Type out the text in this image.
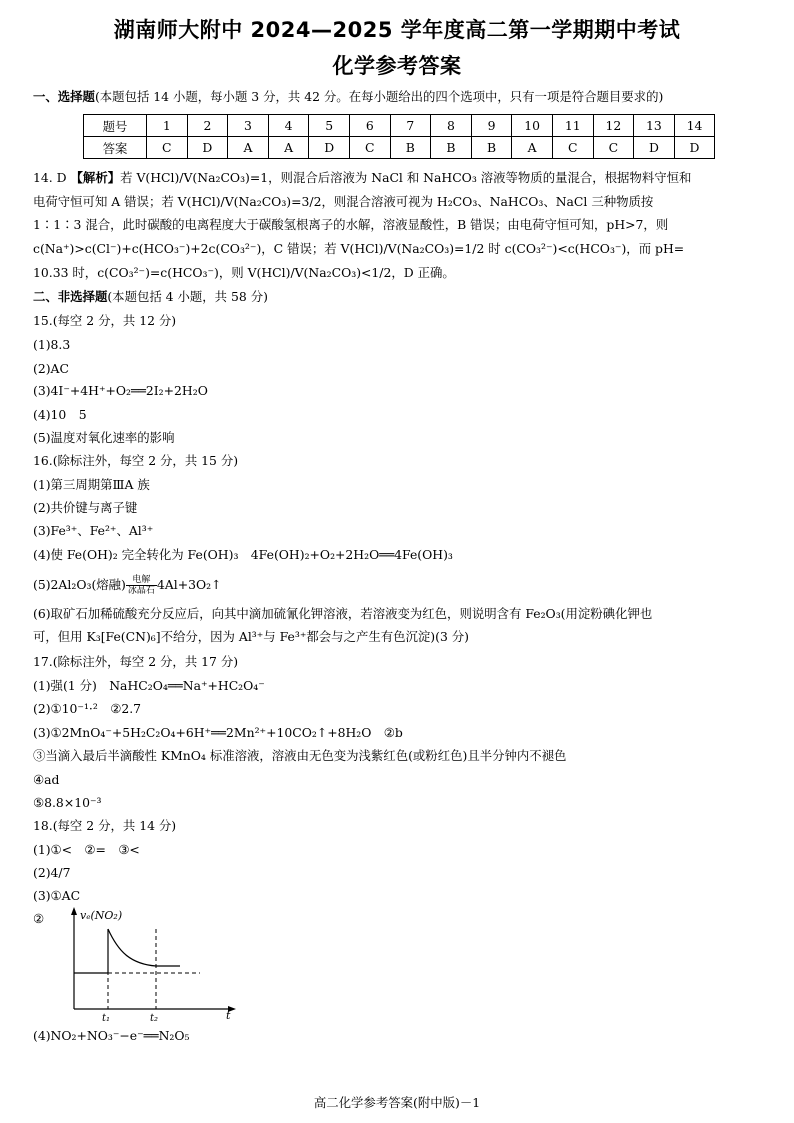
湖南师大附中 2024—2025 学年度高二第一学期期中考试
化学参考答案
一、选择题(本题包括 14 小题，每小题 3 分，共 42 分。在每小题给出的四个选项中，只有一项是符合题目要求的)
题号	1	2	3	4	5	6	7	8	9	10	11	12	13	14
答案	C	D	A	A	D	C	B	B	B	A	C	C	D	D
14. D 【解析】若 V(HCl)/V(Na₂CO₃)=1，则混合后溶液为 NaCl 和 NaHCO₃ 溶液等物质的量混合，根据物料守恒和
电荷守恒可知 A 错误；若 V(HCl)/V(Na₂CO₃)=3/2，则混合溶液可视为 H₂CO₃、NaHCO₃、NaCl 三种物质按
1∶1∶3 混合，此时碳酸的电离程度大于碳酸氢根离子的水解，溶液显酸性，B 错误；由电荷守恒可知，pH>7，则
c(Na⁺)>c(Cl⁻)+c(HCO₃⁻)+2c(CO₃²⁻)，C 错误；若 V(HCl)/V(Na₂CO₃)=1/2 时 c(CO₃²⁻)<c(HCO₃⁻)，而 pH=
10.33 时，c(CO₃²⁻)=c(HCO₃⁻)，则 V(HCl)/V(Na₂CO₃)<1/2，D 正确。
二、非选择题(本题包括 4 小题，共 58 分)
15.(每空 2 分，共 12 分)
(1)8.3
(2)AC
(3)4I⁻+4H⁺+O₂══2I₂+2H₂O
(4)10　5
(5)温度对氧化速率的影响
16.(除标注外，每空 2 分，共 15 分)
(1)第三周期第ⅢA 族
(2)共价键与离子键
(3)Fe³⁺、Fe²⁺、Al³⁺
(4)使 Fe(OH)₂ 完全转化为 Fe(OH)₃　4Fe(OH)₂+O₂+2H₂O══4Fe(OH)₃
(5)2Al₂O₃(熔融) $\frac{\text{电解}}{\text{冰晶石}}$ 4Al+3O₂↑
(6)取矿石加稀硫酸充分反应后，向其中滴加硫氰化钾溶液，若溶液变为红色，则说明含有 Fe₂O₃(用淀粉碘化钾也
可，但用 K₃[Fe(CN)₆]不给分，因为 Al³⁺与 Fe³⁺都会与之产生有色沉淀)(3 分)
17.(除标注外，每空 2 分，共 17 分)
(1)强(1 分)　NaHC₂O₄══Na⁺+HC₂O₄⁻
(2)①10⁻¹·²　②2.7
(3)①2MnO₄⁻+5H₂C₂O₄+6H⁺══2Mn²⁺+10CO₂↑+8H₂O　②b
③当滴入最后半滴酸性 KMnO₄ 标准溶液，溶液由无色变为浅紫红色(或粉红色)且半分钟内不褪色
④ad
⑤8.8×10⁻³
18.(每空 2 分，共 14 分)
(1)①<　②=　③<
(2)4/7
(3)①AC
②	vₑ(NO₂)
t
t₁	t₂
(4)NO₂+NO₃⁻−e⁻══N₂O₅
高二化学参考答案(附中版)－1
